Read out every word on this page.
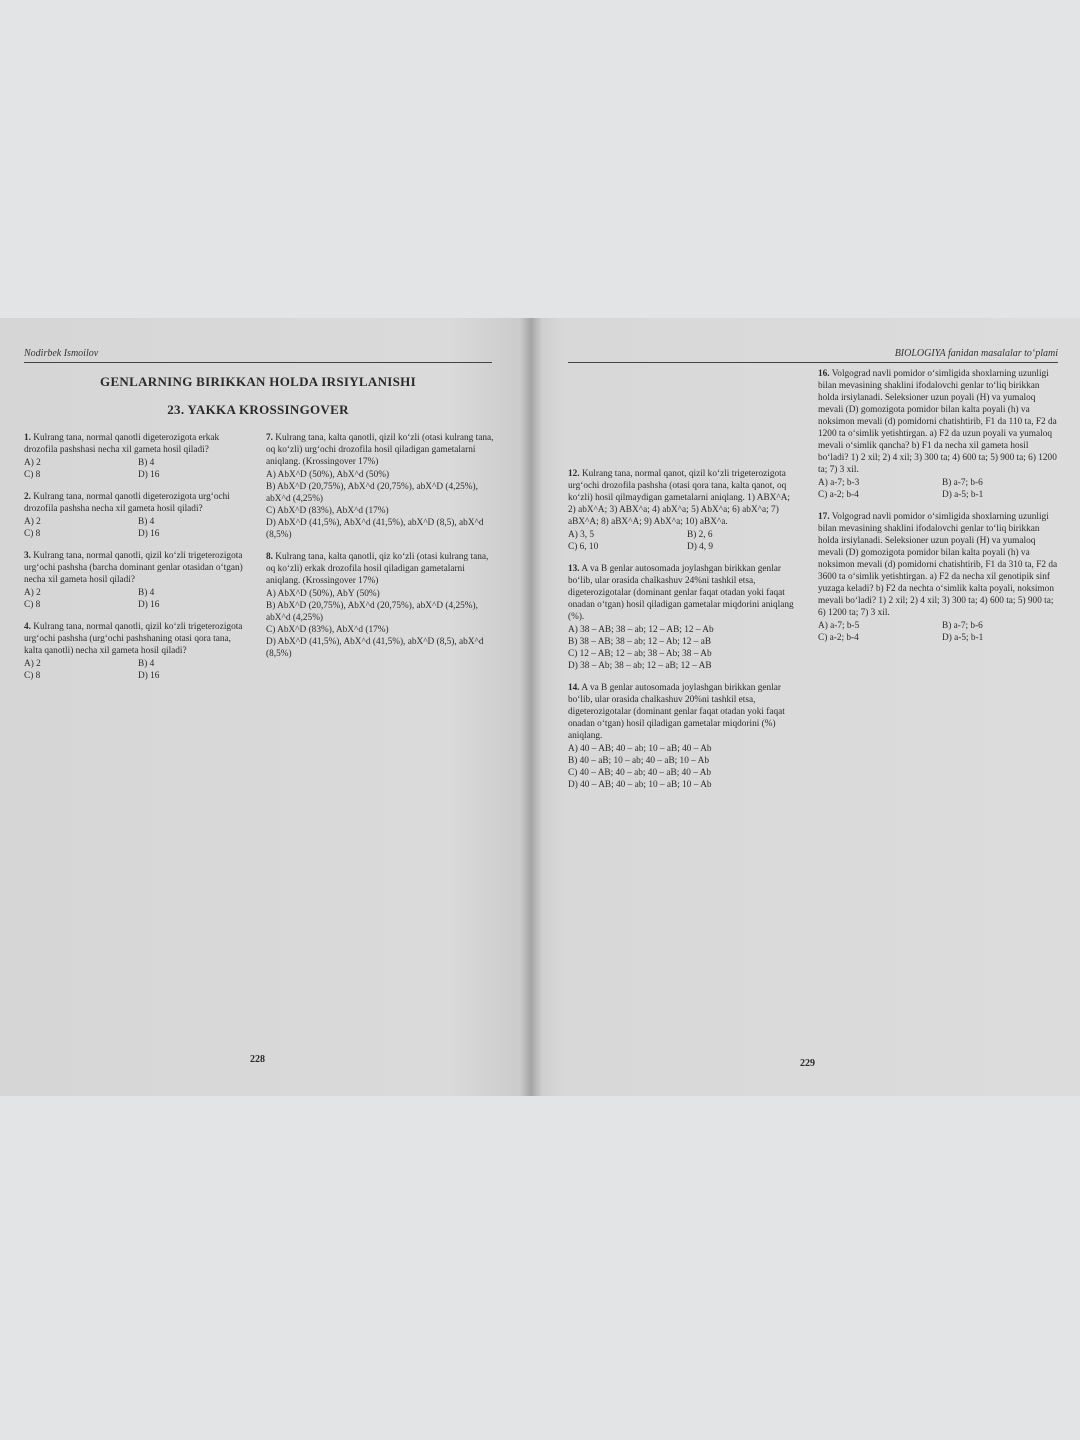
Nodirbek Ismoilov
GENLARNING BIRIKKAN HOLDA IRSIYLANISHI
23. YAKKA KROSSINGOVER
1. Kulrang tana, normal qanotli digeterozigota erkak drozofila pashshasi necha xil gameta hosil qiladi?
A) 2	B) 4
C) 8	D) 16
2. Kulrang tana, normal qanotli digeterozigota urg‘ochi drozofila pashsha necha xil gameta hosil qiladi?
A) 2	B) 4
C) 8	D) 16
3. Kulrang tana, normal qanotli, qizil ko‘zli trigeterozigota urg‘ochi pashsha (barcha dominant genlar otasidan o‘tgan) necha xil gameta hosil qiladi?
A) 2	B) 4
C) 8	D) 16
4. Kulrang tana, normal qanotli, qizil ko‘zli trigeterozigota urg‘ochi pashsha (urg‘ochi pashshaning otasi qora tana, kalta qanotli) necha xil gameta hosil qiladi?
A) 2	B) 4
C) 8	D) 16
7. Kulrang tana, kalta qanotli, qizil ko‘zli (otasi kulrang tana, oq ko‘zli) urg‘ochi drozofila hosil qiladigan gametalarni aniqlang. (Krossingover 17%)
A) AbX^D (50%), AbX^d (50%)
B) AbX^D (20,75%), AbX^d (20,75%), abX^D (4,25%), abX^d (4,25%)
C) AbX^D (83%), AbX^d (17%)
D) AbX^D (41,5%), AbX^d (41,5%), abX^D (8,5), abX^d (8,5%)
8. Kulrang tana, kalta qanotli, qiz ko‘zli (otasi kulrang tana, oq ko‘zli) erkak drozofila hosil qiladigan gametalarni aniqlang. (Krossingover 17%)
A) AbX^D (50%), AbY (50%)
B) AbX^D (20,75%), AbX^d (20,75%), abX^D (4,25%), abX^d (4,25%)
C) AbX^D (83%), AbX^d (17%)
D) AbX^D (41,5%), AbX^d (41,5%), abX^D (8,5), abX^d (8,5%)
228
BIOLOGIYA fanidan masalalar to‘plami
12. Kulrang tana, normal qanot, qizil ko‘zli trigeterozigota urg‘ochi drozofila pashsha (otasi qora tana, kalta qanot, oq ko‘zli) hosil qilmaydigan gametalarni aniqlang. 1) ABX^A; 2) abX^A; 3) ABX^a; 4) abX^a; 5) AbX^a; 6) abX^a; 7) aBX^A; 8) aBX^A; 9) AbX^a; 10) aBX^a.
A) 3, 5	B) 2, 6
C) 6, 10	D) 4, 9
13. A va B genlar autosomada joylashgan birikkan genlar bo‘lib, ular orasida chalkashuv 24%ni tashkil etsa, digeterozigotalar (dominant genlar faqat otadan yoki faqat onadan o‘tgan) hosil qiladigan gametalar miqdorini aniqlang (%).
A) 38 – AB; 38 – ab; 12 – AB; 12 – Ab
B) 38 – AB; 38 – ab; 12 – Ab; 12 – aB
C) 12 – AB; 12 – ab; 38 – Ab; 38 – Ab
D) 38 – Ab; 38 – ab; 12 – aB; 12 – AB
14. A va B genlar autosomada joylashgan birikkan genlar bo‘lib, ular orasida chalkashuv 20%ni tashkil etsa, digeterozigotalar (dominant genlar faqat otadan yoki faqat onadan o‘tgan) hosil qiladigan gametalar miqdorini (%) aniqlang.
A) 40 – AB; 40 – ab; 10 – aB; 40 – Ab
B) 40 – aB; 10 – ab; 40 – aB; 10 – Ab
C) 40 – AB; 40 – ab; 40 – aB; 40 – Ab
D) 40 – AB; 40 – ab; 10 – aB; 10 – Ab
16. Volgograd navli pomidor o‘simligida shoxlarning uzunligi bilan mevasining shaklini ifodalovchi genlar to‘liq birikkan holda irsiylanadi. Seleksioner uzun poyali (H) va yumaloq mevali (D) gomozigota pomidor bilan kalta poyali (h) va noksimon mevali (d) pomidorni chatishtirib, F1 da 110 ta, F2 da 1200 ta o‘simlik yetishtirgan. a) F2 da uzun poyali va yumaloq mevali o‘simlik qancha? b) F1 da necha xil gameta hosil bo‘ladi? 1) 2 xil; 2) 4 xil; 3) 300 ta; 4) 600 ta; 5) 900 ta; 6) 1200 ta; 7) 3 xil.
A) a-7; b-3	B) a-7; b-6
C) a-2; b-4	D) a-5; b-1
17. Volgograd navli pomidor o‘simligida shoxlarning uzunligi bilan mevasining shaklini ifodalovchi genlar to‘liq birikkan holda irsiylanadi. Seleksioner uzun poyali (H) va yumaloq mevali (D) gomozigota pomidor bilan kalta poyali (h) va noksimon mevali (d) pomidorni chatishtirib, F1 da 310 ta, F2 da 3600 ta o‘simlik yetishtirgan. a) F2 da necha xil genotipik sinf yuzaga keladi? b) F2 da nechta o‘simlik kalta poyali, noksimon mevali bo‘ladi? 1) 2 xil; 2) 4 xil; 3) 300 ta; 4) 600 ta; 5) 900 ta; 6) 1200 ta; 7) 3 xil.
A) a-7; b-5	B) a-7; b-6
C) a-2; b-4	D) a-5; b-1
229
